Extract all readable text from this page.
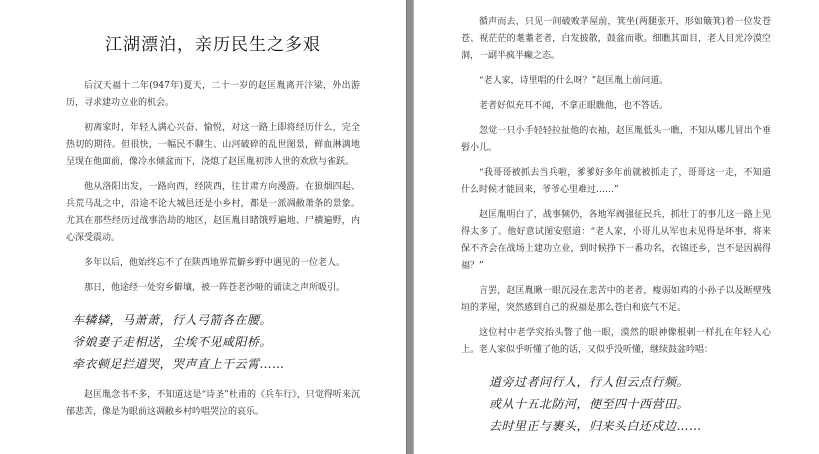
江湖漂泊，亲历民生之多艰

后汉天福十二年(947年)夏天，二十一岁的赵匡胤离开汴梁，外出游历，寻求建功立业的机会。

初离家时，年轻人满心兴奋、愉悦，对这一路上即将经历什么，完全热切的期待。但很快，一幅民不聊生、山河破碎的乱世图景，鲜血淋漓地呈现在他面前，像冷水倾盆而下，浇熄了赵匡胤初涉人世的欢欣与雀跃。

他从洛阳出发，一路向西，经陕西，往甘肃方向漫游。在狼烟四起、兵荒马乱之中，沿途不论大城邑还是小乡村，都是一派凋敝萧条的景象。尤其在那些经历过战事浩劫的地区，赵匡胤目睹饿殍遍地、尸横遍野，内心深受震动。

多年以后，他始终忘不了在陕西地界荒僻乡野中遇见的一位老人。

那日，他途经一处穷乡僻壤，被一阵苍老沙哑的诵读之声所吸引。

车辚辚，马萧萧，行人弓箭各在腰。

爷娘妻子走相送，尘埃不见咸阳桥。

牵衣顿足拦道哭，哭声直上干云霄……

赵匡胤念书不多，不知道这是“诗圣”杜甫的《兵车行》，只觉得听来沉郁悲苦，像是为眼前这凋敝乡村吟唱哭泣的哀乐。

循声而去，只见一间破败茅屋前，箕坐(两腿张开，形如簸箕)着一位发苍苍、视茫茫的耄耋老者，白发披散，鼓盆而歌。细瞧其面目，老人目光冷漠空洞，一副半疯半癫之态。

“老人家，诗里唱的什么呀？”赵匡胤上前问道。

老者好似充耳不闻，不拿正眼瞧他，也不答话。

忽觉一只小手轻轻拉扯他的衣袖，赵匡胤低头一瞧，不知从哪儿冒出个垂髫小儿。

“我哥哥被抓去当兵啦，爹爹好多年前就被抓走了，哥哥这一走，不知道什么时候才能回来，爷爷心里难过……”

赵匡胤明白了，战事频仍，各地军阀强征民兵，抓壮丁的事儿这一路上见得太多了。他好意试图安慰道：“老人家，小哥儿从军也未见得是坏事，将来保不齐会在战场上建功立业，到时候挣下一番功名，衣锦还乡，岂不是因祸得福？”

言罢，赵匡胤瞅一眼沉浸在悲苦中的老者，瘦弱如鸡的小孙子以及断壁残垣的茅屋，突然感到自己的祝福是那么苍白和底气不足。

这位村中老学究抬头瞥了他一眼，漠然的眼神像根刺一样扎在年轻人心上。老人家似乎听懂了他的话，又似乎没听懂，继续鼓盆吟唱：

道旁过者问行人，行人但云点行频。

或从十五北防河，便至四十西营田。

去时里正与裹头，归来头白还戍边……
